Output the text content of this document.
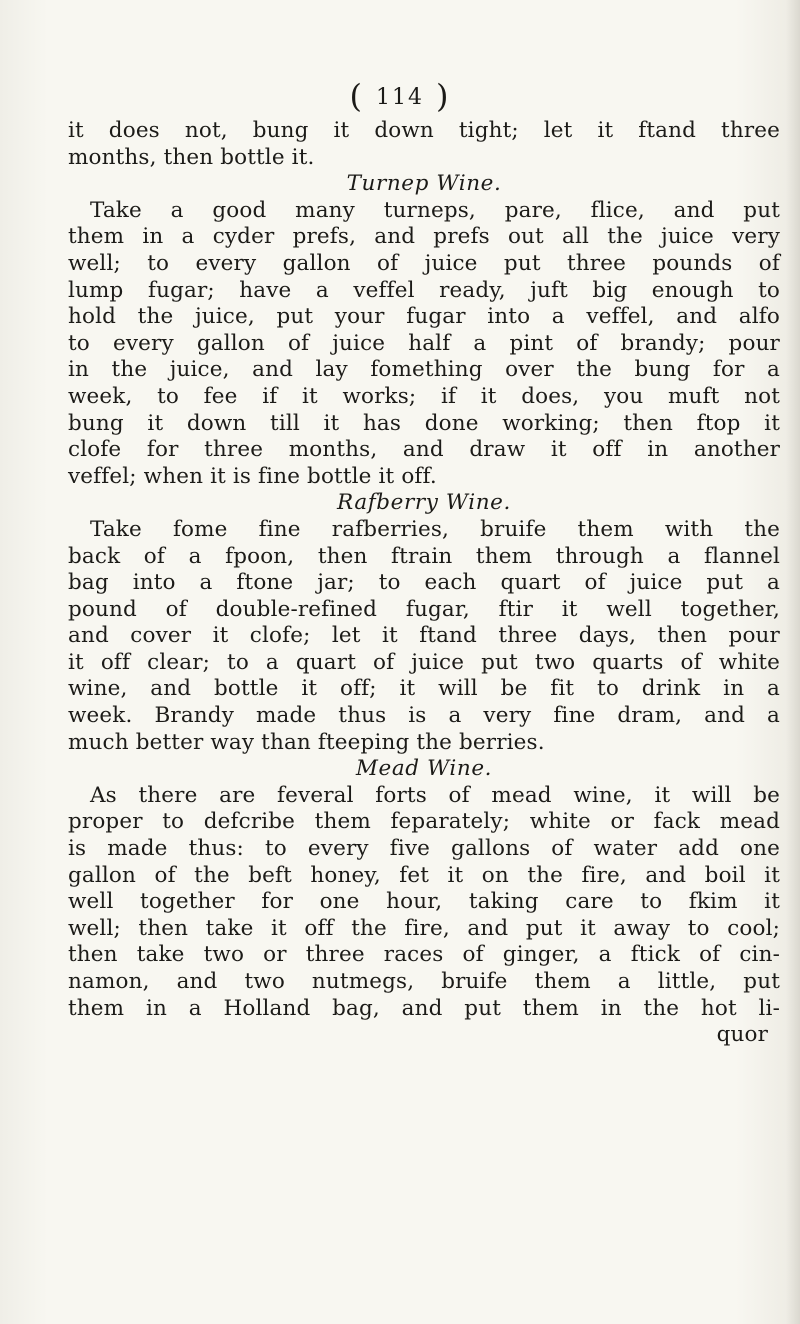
( 114 )
it does not, bung it down tight; let it ftand three
months, then bottle it.
Turnep Wine.
Take a good many turneps, pare, flice, and put
them in a cyder prefs, and prefs out all the juice very
well; to every gallon of juice put three pounds of
lump fugar; have a veffel ready, juft big enough to
hold the juice, put your fugar into a veffel, and alfo
to every gallon of juice half a pint of brandy; pour
in the juice, and lay fomething over the bung for a
week, to fee if it works; if it does, you muft not
bung it down till it has done working; then ftop it
clofe for three months, and draw it off in another
veffel; when it is fine bottle it off.
Rafberry Wine.
Take fome fine rafberries, bruife them with the
back of a fpoon, then ftrain them through a flannel
bag into a ftone jar; to each quart of juice put a
pound of double-refined fugar, ftir it well together,
and cover it clofe; let it ftand three days, then pour
it off clear; to a quart of juice put two quarts of white
wine, and bottle it off; it will be fit to drink in a
week. Brandy made thus is a very fine dram, and a
much better way than fteeping the berries.
Mead Wine.
As there are feveral forts of mead wine, it will be
proper to defcribe them feparately; white or fack mead
is made thus: to every five gallons of water add one
gallon of the beft honey, fet it on the fire, and boil it
well together for one hour, taking care to fkim it
well; then take it off the fire, and put it away to cool;
then take two or three races of ginger, a ftick of cin-
namon, and two nutmegs, bruife them a little, put
them in a Holland bag, and put them in the hot li-
quor
